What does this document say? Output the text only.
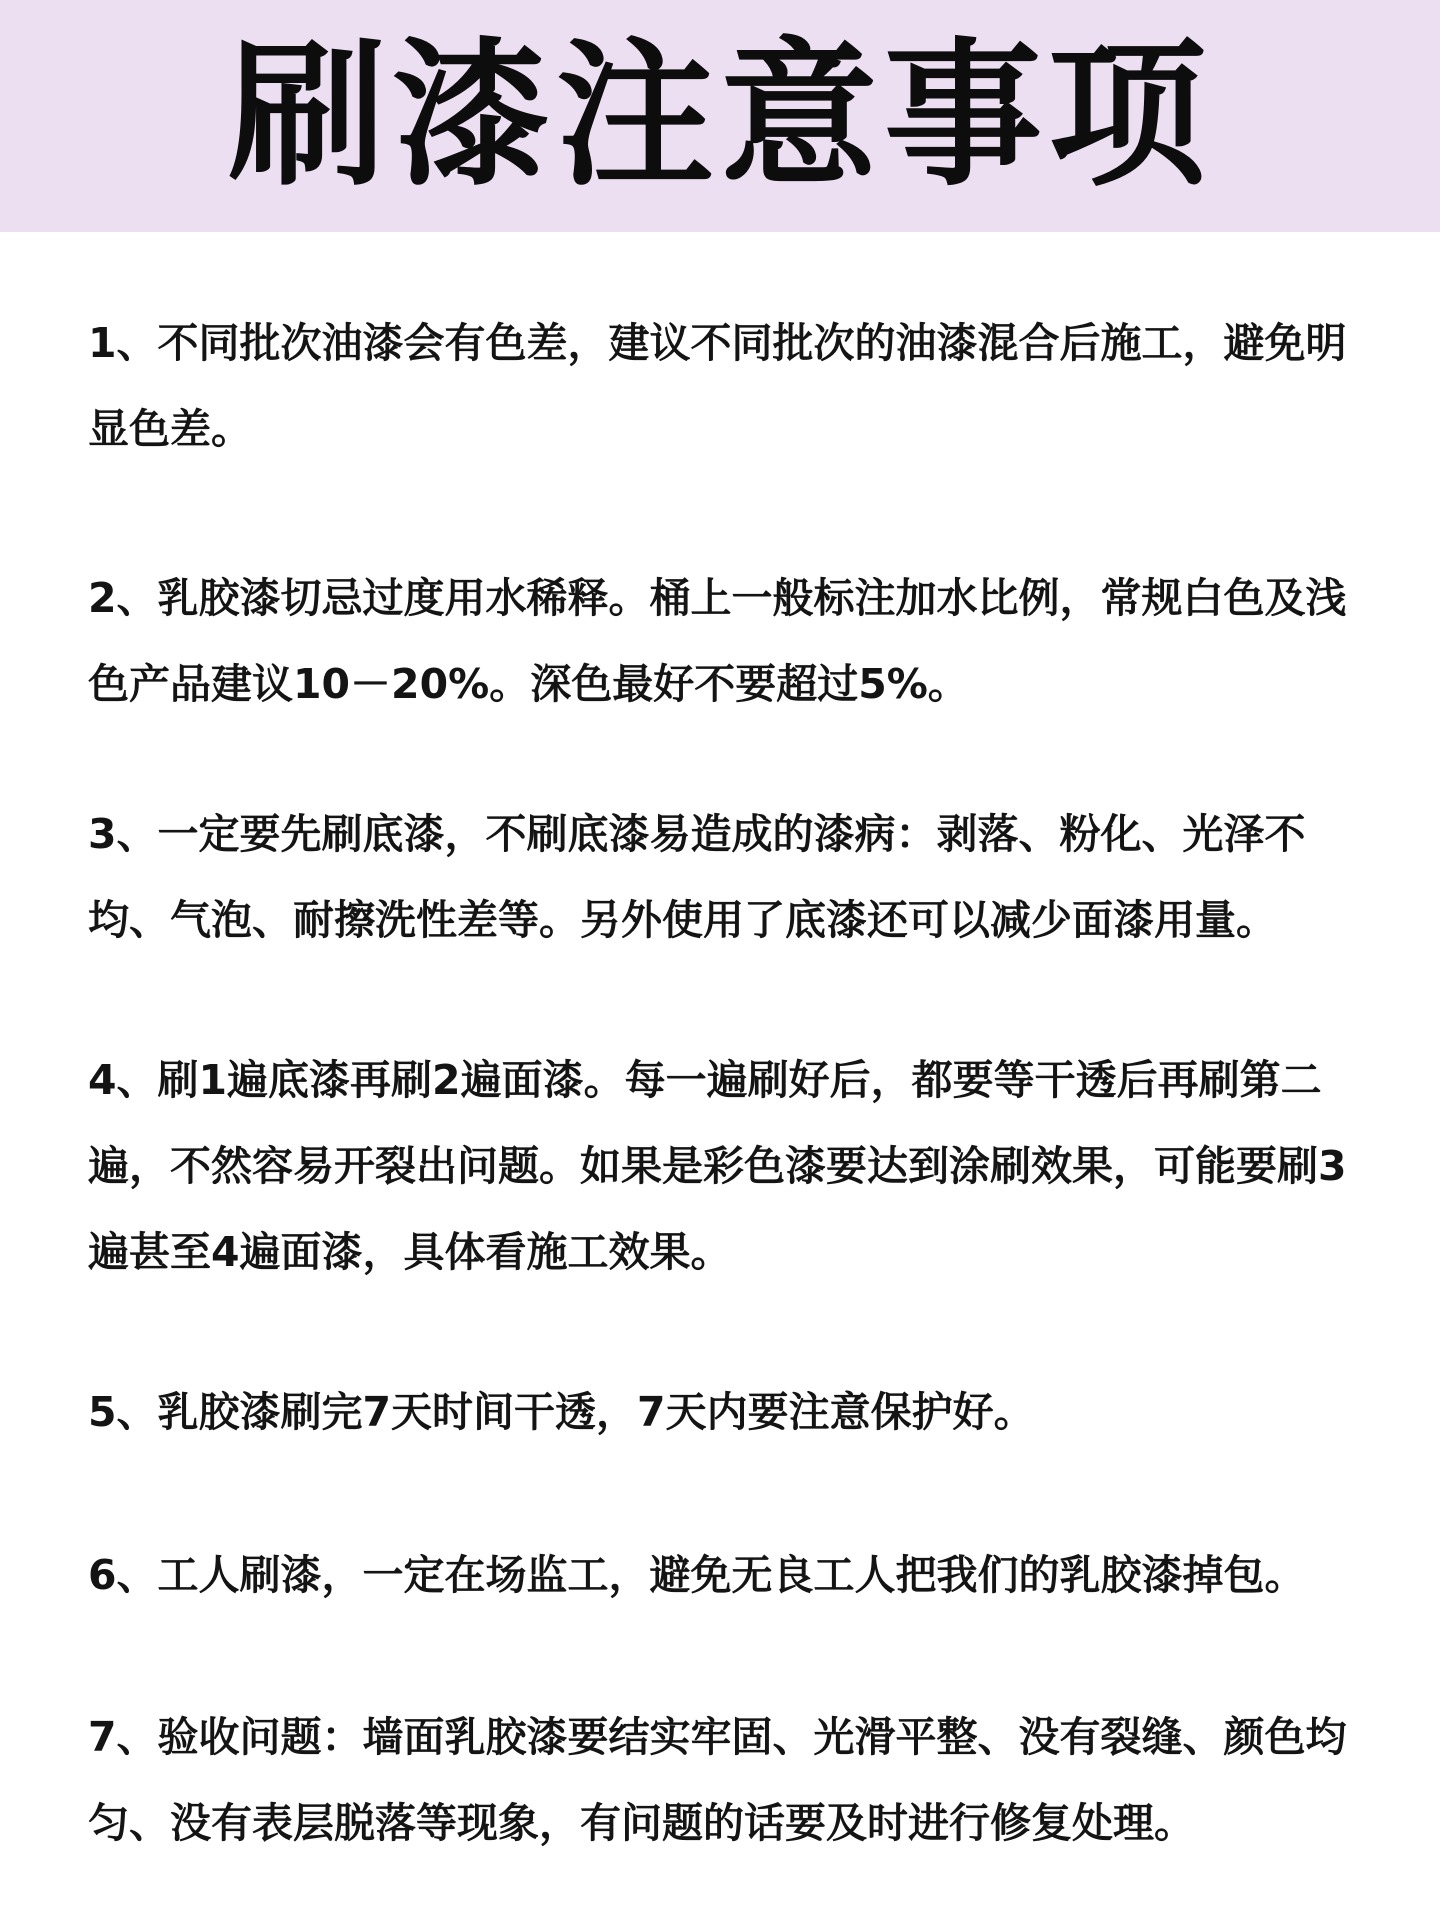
刷漆注意事项
1、不同批次油漆会有色差，建议不同批次的油漆混合后施工，避免明显色差。
2、乳胶漆切忌过度用水稀释。桶上一般标注加水比例，常规白色及浅色产品建议10－20%。深色最好不要超过5%。
3、一定要先刷底漆，不刷底漆易造成的漆病：剥落、粉化、光泽不均、气泡、耐擦洗性差等。另外使用了底漆还可以减少面漆用量。
4、刷1遍底漆再刷2遍面漆。每一遍刷好后，都要等干透后再刷第二遍，不然容易开裂出问题。如果是彩色漆要达到涂刷效果，可能要刷3遍甚至4遍面漆，具体看施工效果。
5、乳胶漆刷完7天时间干透，7天内要注意保护好。
6、工人刷漆，一定在场监工，避免无良工人把我们的乳胶漆掉包。
7、验收问题：墙面乳胶漆要结实牢固、光滑平整、没有裂缝、颜色均匀、没有表层脱落等现象，有问题的话要及时进行修复处理。
